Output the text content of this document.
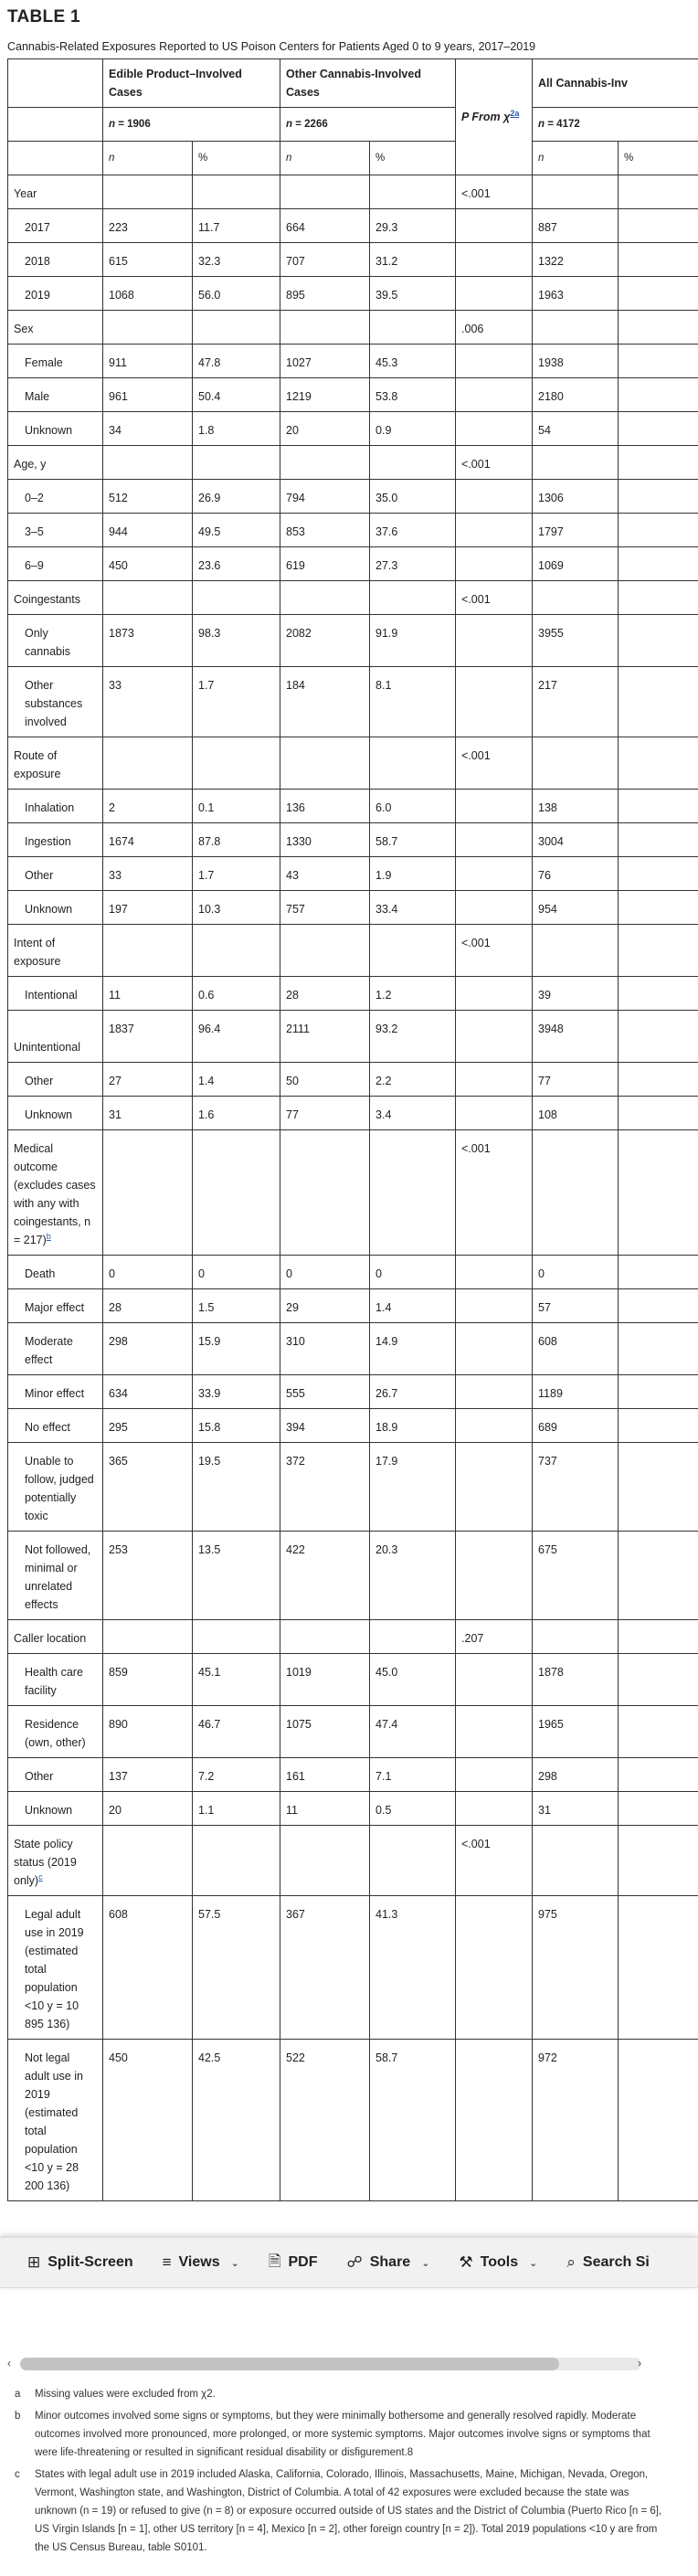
TABLE 1
Cannabis-Related Exposures Reported to US Poison Centers for Patients Aged 0 to 9 years, 2017–2019
	Edible Product–Involved Cases		Other Cannabis-Involved Cases		P From $\chi^{2a}$	All Cannabis-Inv	
	n = 1906		n = 2266			n = 4172	
	n	%	n	%		n	%
Year					<.001		
2017	223	11.7	664	29.3		887	
2018	615	32.3	707	31.2		1322	
2019	1068	56.0	895	39.5		1963	
Sex					.006		
Female	911	47.8	1027	45.3		1938	
Male	961	50.4	1219	53.8		2180	
Unknown	34	1.8	20	0.9		54	
Age, y					<.001		
0–2	512	26.9	794	35.0		1306	
3–5	944	49.5	853	37.6		1797	
6–9	450	23.6	619	27.3		1069	
Coingestants					<.001		
Only cannabis	1873	98.3	2082	91.9		3955	
Other substances involved	33	1.7	184	8.1		217	
Route of exposure					<.001		
Inhalation	2	0.1	136	6.0		138	
Ingestion	1674	87.8	1330	58.7		3004	
Other	33	1.7	43	1.9		76	
Unknown	197	10.3	757	33.4		954	
Intent of exposure					<.001		
Intentional	11	0.6	28	1.2		39	
Unintentional	1837	96.4	2111	93.2		3948	
Other	27	1.4	50	2.2		77	
Unknown	31	1.6	77	3.4		108	
Medical outcome (excludes cases with any with coingestants, n = 217)$^b$					<.001		
Death	0	0	0	0		0	
Major effect	28	1.5	29	1.4		57	
Moderate effect	298	15.9	310	14.9		608	
Minor effect	634	33.9	555	26.7		1189	
No effect	295	15.8	394	18.9		689	
Unable to follow, judged potentially toxic	365	19.5	372	17.9		737	
Not followed, minimal or unrelated effects	253	13.5	422	20.3		675	
Caller location					.207		
Health care facility	859	45.1	1019	45.0		1878	
Residence (own, other)	890	46.7	1075	47.4		1965	
Other	137	7.2	161	7.1		298	
Unknown	20	1.1	11	0.5		31	
State policy status (2019 only)$^c$					<.001		
Legal adult use in 2019 (estimated total population <10 y = 10 895 136)	608	57.5	367	41.3		975	
Not legal adult use in 2019 (estimated total population <10 y = 28 200 136)	450	42.5	522	58.7		972	
⊞ Split-Screen ≡ Views ⌄ 🗎 PDF ☍ Share ⌄ ⚒ Tools ⌄ ⌕ Search Si
‹	›
a Missing values were excluded from χ2.
b Minor outcomes involved some signs or symptoms, but they were minimally bothersome and generally resolved rapidly. Moderate outcomes involved more pronounced, more prolonged, or more systemic symptoms. Major outcomes involve signs or symptoms that were life-threatening or resulted in significant residual disability or disfigurement.8
c States with legal adult use in 2019 included Alaska, California, Colorado, Illinois, Massachusetts, Maine, Michigan, Nevada, Oregon, Vermont, Washington state, and Washington, District of Columbia. A total of 42 exposures were excluded because the state was unknown (n = 19) or refused to give (n = 8) or exposure occurred outside of US states and the District of Columbia (Puerto Rico [n = 6], US Virgin Islands [n = 1], other US territory [n = 4], Mexico [n = 2], other foreign country [n = 2]). Total 2019 populations <10 y are from the US Census Bureau, table S0101.
